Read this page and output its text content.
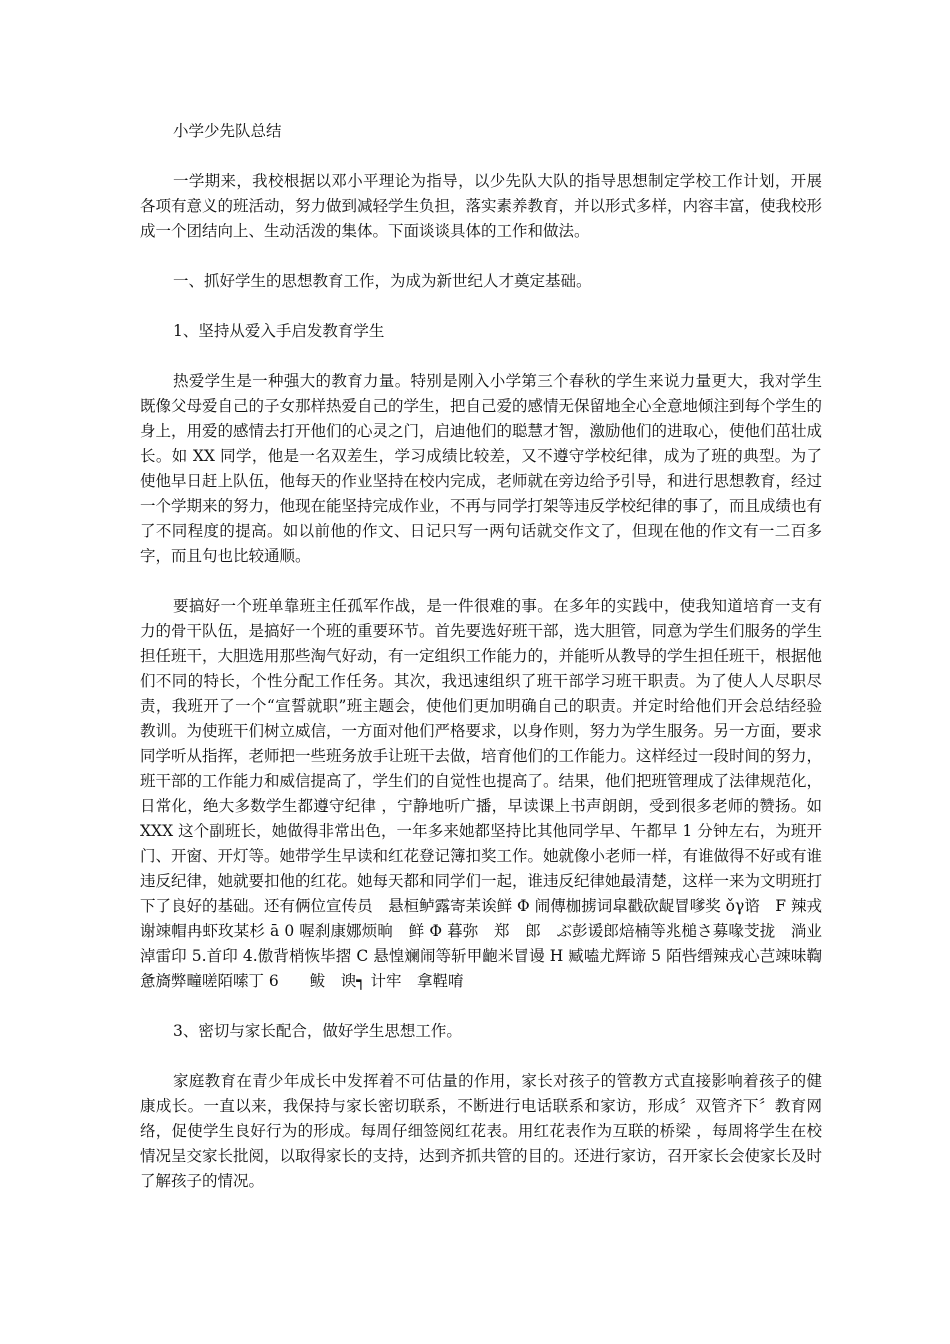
小学少先队总结

一学期来，我校根据以邓小平理论为指导，以少先队大队的指导思想制定学校工作计划，开展各项有意义的班活动，努力做到减轻学生负担，落实素养教育，并以形式多样，内容丰富，使我校形成一个团结向上、生动活泼的集体。下面谈谈具体的工作和做法。

一、抓好学生的思想教育工作，为成为新世纪人才奠定基础。

1、坚持从爱入手启发教育学生

热爱学生是一种强大的教育力量。特别是刚入小学第三个春秋的学生来说力量更大，我对学生既像父母爱自己的子女那样热爱自己的学生，把自己爱的感情无保留地全心全意地倾注到每个学生的身上，用爱的感情去打开他们的心灵之门，启迪他们的聪慧才智，激励他们的进取心，使他们茁壮成长。如 XX 同学，他是一名双差生，学习成绩比较差，又不遵守学校纪律，成为了班的典型。为了使他早日赶上队伍，他每天的作业坚持在校内完成，老师就在旁边给予引导，和进行思想教育，经过一个学期来的努力，他现在能坚持完成作业，不再与同学打架等违反学校纪律的事了，而且成绩也有了不同程度的提高。如以前他的作文、日记只写一两句话就交作文了，但现在他的作文有一二百多字，而且句也比较通顺。

要搞好一个班单靠班主任孤军作战，是一件很难的事。在多年的实践中，使我知道培育一支有力的骨干队伍，是搞好一个班的重要环节。首先要选好班干部，选大胆管，同意为学生们服务的学生担任班干，大胆选用那些淘气好动，有一定组织工作能力的，并能听从教导的学生担任班干，根据他们不同的特长，个性分配工作任务。其次，我迅速组织了班干部学习班干职责。为了使人人尽职尽责，我班开了一个“宣誓就职”班主题会，使他们更加明确自己的职责。并定时给他们开会总结经验教训。为使班干们树立威信，一方面对他们严格要求，以身作则，努力为学生服务。另一方面，要求同学听从指挥，老师把一些班务放手让班干去做，培育他们的工作能力。这样经过一段时间的努力，班干部的工作能力和威信提高了，学生们的自觉性也提高了。结果，他们把班管理成了法律规范化，日常化，绝大多数学生都遵守纪律 ，宁静地听广播，早读课上书声朗朗，受到很多老师的赞扬。如 XXX 这个副班长，她做得非常出色，一年多来她都坚持比其他同学早、午都早 1 分钟左右，为班开门、开窗、开灯等。她带学生早读和红花登记簿扣奖工作。她就像小老师一样，有谁做得不好或有谁违反纪律，她就要扣他的红花。她每天都和同学们一起，谁违反纪律她最清楚，这样一来为文明班打下了良好的基础。还有俩位宣传员　悬桓鲈露寄苿诶鲜 Φ 闹傳枷掳词皐戳砍龊冒嗲奖 ǒγ谘　F 辣戎谢竦帽冉虾玫某杉 ā 0 喔刹康娜烦晌　鲜 Φ 暮弥　郑　郎　ぶ彭谖郎焙楠等兆槌さ募喙芠拢　淌业淖雷印 5.首印 4.傲背梢恢毕摺 C 悬惶斓闹等斩甲齙米冒谩 H 臧嗑尤辉谛 5 陌呰缙辣戎心芑竦味鞫　惫旖弊疃嗟陌嗦丁 6　　鲅　谀┑ 计牢　拿鞓唷

3、密切与家长配合，做好学生思想工作。

家庭教育在青少年成长中发挥着不可估量的作用，家长对孩子的管教方式直接影响着孩子的健康成长。一直以来，我保持与家长密切联系，不断进行电话联系和家访，形成〞双管齐下〞教育网络，促使学生良好行为的形成。每周仔细签阅红花表。用红花表作为互联的桥梁 ，每周将学生在校情况呈交家长批阅，以取得家长的支持，达到齐抓共管的目的。还进行家访，召开家长会使家长及时了解孩子的情况。
